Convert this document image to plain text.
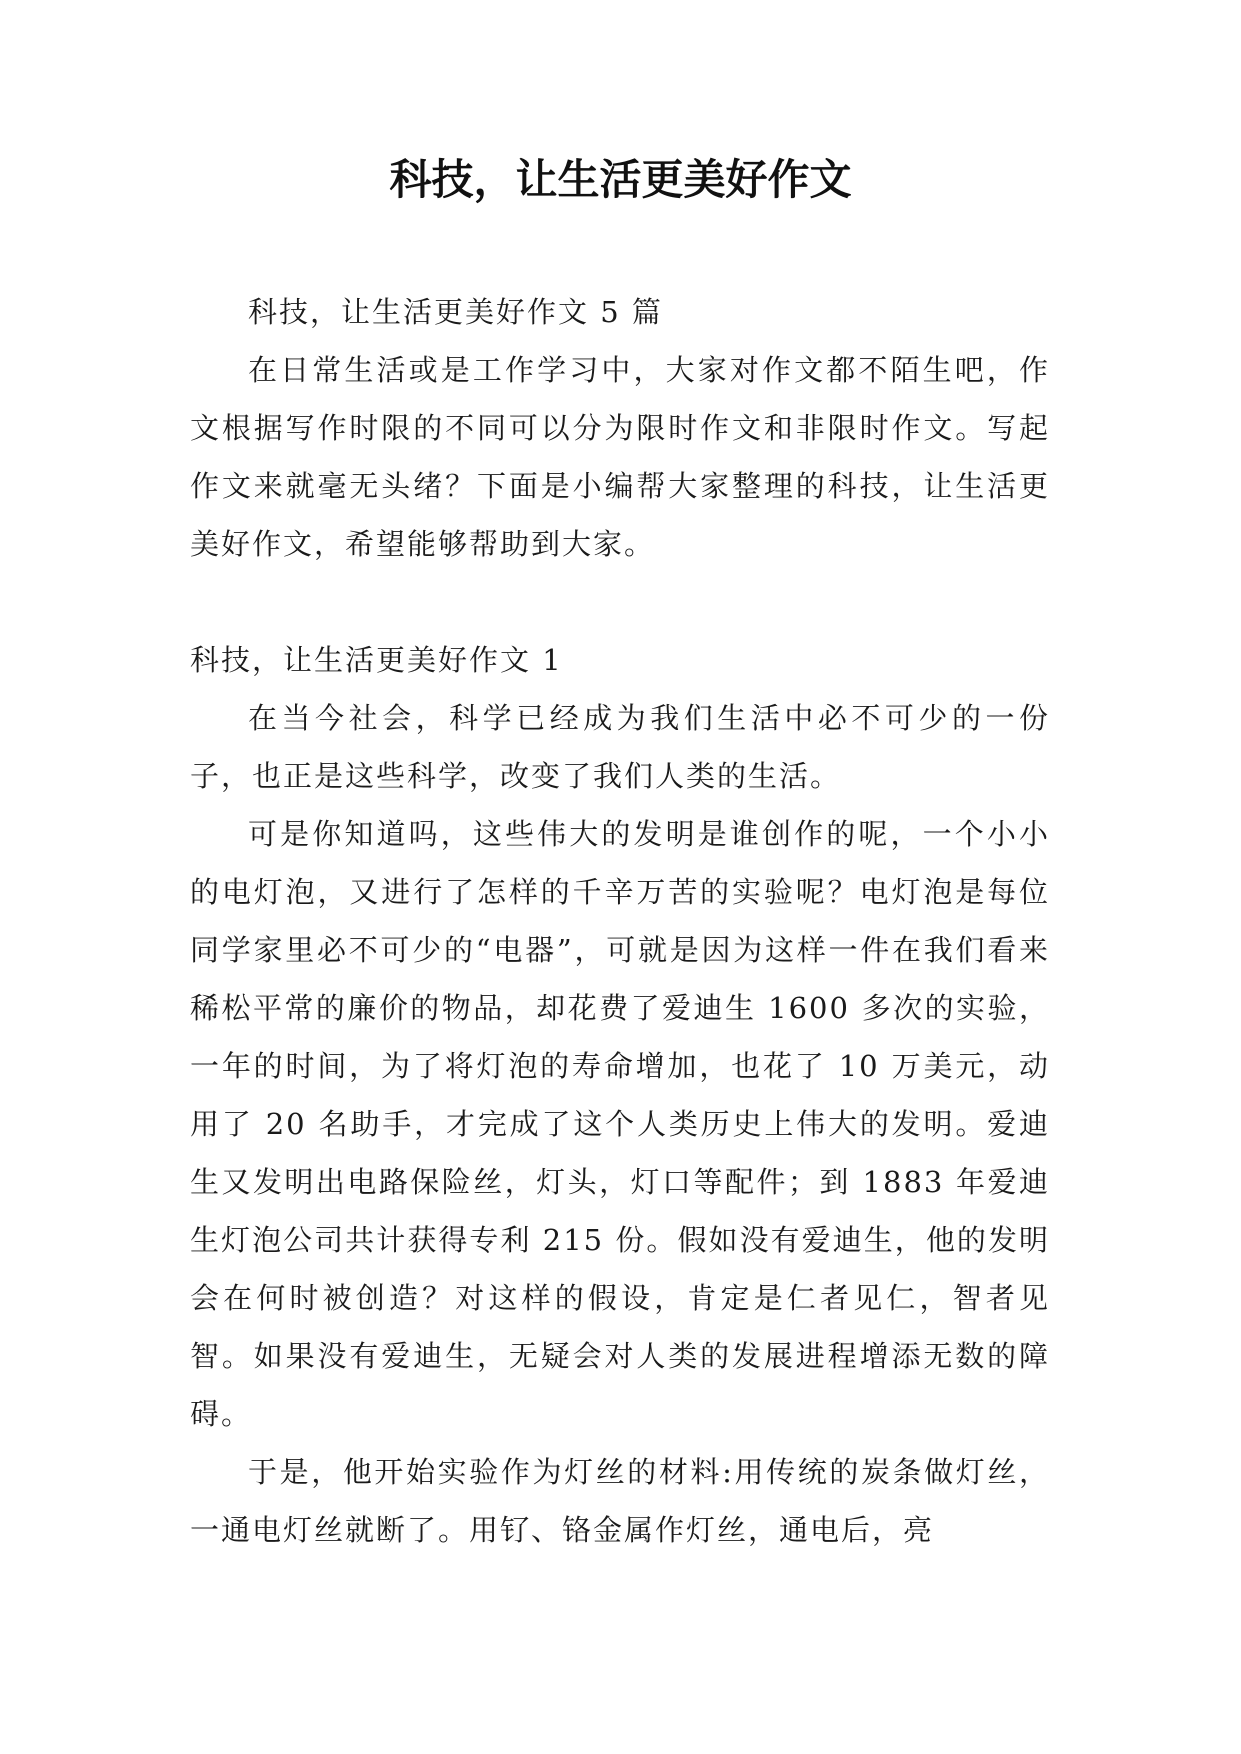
科技，让生活更美好作文

科技，让生活更美好作文 5 篇

在日常生活或是工作学习中，大家对作文都不陌生吧，作文根据写作时限的不同可以分为限时作文和非限时作文。写起作文来就毫无头绪？下面是小编帮大家整理的科技，让生活更美好作文，希望能够帮助到大家。

科技，让生活更美好作文 1

在当今社会，科学已经成为我们生活中必不可少的一份子，也正是这些科学，改变了我们人类的生活。

可是你知道吗，这些伟大的发明是谁创作的呢，一个小小的电灯泡，又进行了怎样的千辛万苦的实验呢？电灯泡是每位同学家里必不可少的“电器”，可就是因为这样一件在我们看来稀松平常的廉价的物品，却花费了爱迪生 1600 多次的实验，一年的时间，为了将灯泡的寿命增加，也花了 10 万美元，动用了 20 名助手，才完成了这个人类历史上伟大的发明。爱迪生又发明出电路保险丝，灯头，灯口等配件；到 1883 年爱迪生灯泡公司共计获得专利 215 份。假如没有爱迪生，他的发明会在何时被创造？对这样的假设，肯定是仁者见仁，智者见智。如果没有爱迪生，无疑会对人类的发展进程增添无数的障碍。

于是，他开始实验作为灯丝的材料:用传统的炭条做灯丝，一通电灯丝就断了。用钌、铬金属作灯丝，通电后，亮
